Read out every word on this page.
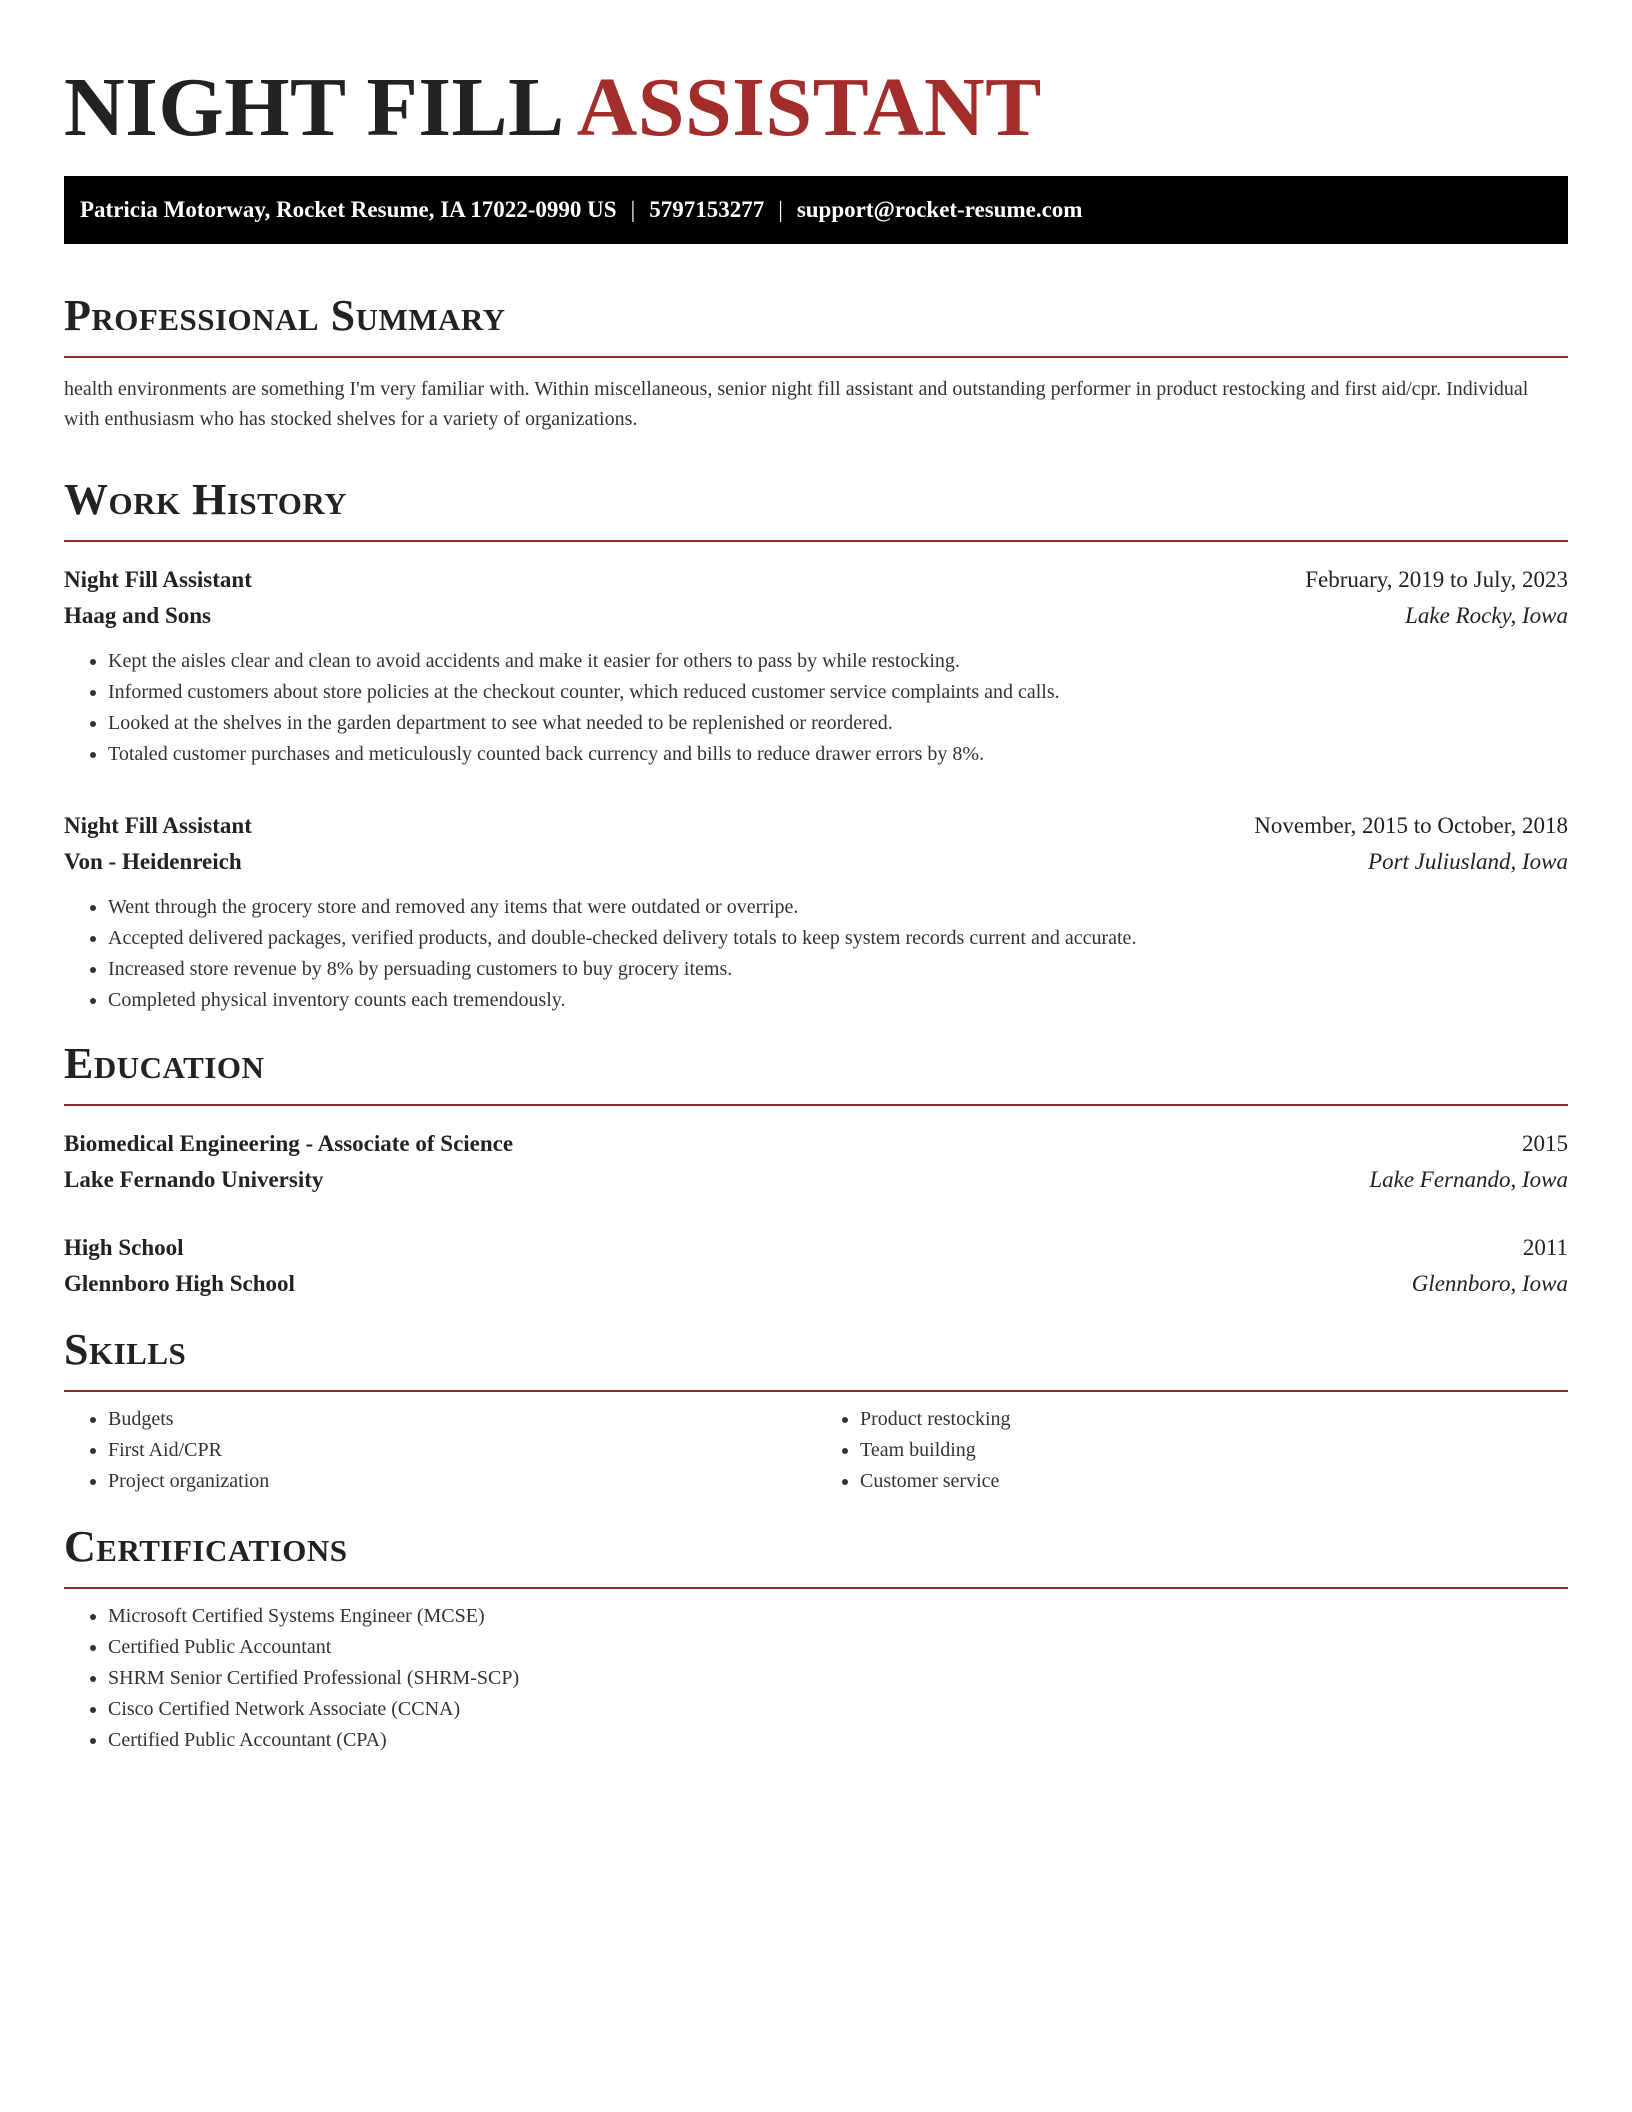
NIGHT FILL ASSISTANT
Patricia Motorway, Rocket Resume, IA 17022-0990 US | 5797153277 | support@rocket-resume.com
Professional Summary

health environments are something I'm very familiar with. Within miscellaneous, senior night fill assistant and outstanding performer in product restocking and first aid/cpr. Individual with enthusiasm who has stocked shelves for a variety of organizations.

Work History
Night Fill Assistant	February, 2019 to July, 2023
Haag and Sons	Lake Rocky, Iowa
• Kept the aisles clear and clean to avoid accidents and make it easier for others to pass by while restocking.
• Informed customers about store policies at the checkout counter, which reduced customer service complaints and calls.
• Looked at the shelves in the garden department to see what needed to be replenished or reordered.
• Totaled customer purchases and meticulously counted back currency and bills to reduce drawer errors by 8%.
Night Fill Assistant	November, 2015 to October, 2018
Von - Heidenreich	Port Juliusland, Iowa
• Went through the grocery store and removed any items that were outdated or overripe.
• Accepted delivered packages, verified products, and double-checked delivery totals to keep system records current and accurate.
• Increased store revenue by 8% by persuading customers to buy grocery items.
• Completed physical inventory counts each tremendously.
Education
Biomedical Engineering - Associate of Science	2015
Lake Fernando University	Lake Fernando, Iowa
High School	2011
Glennboro High School	Glennboro, Iowa
Skills
• Budgets
• First Aid/CPR
• Project organization
• Product restocking
• Team building
• Customer service
Certifications
• Microsoft Certified Systems Engineer (MCSE)
• Certified Public Accountant
• SHRM Senior Certified Professional (SHRM-SCP)
• Cisco Certified Network Associate (CCNA)
• Certified Public Accountant (CPA)
